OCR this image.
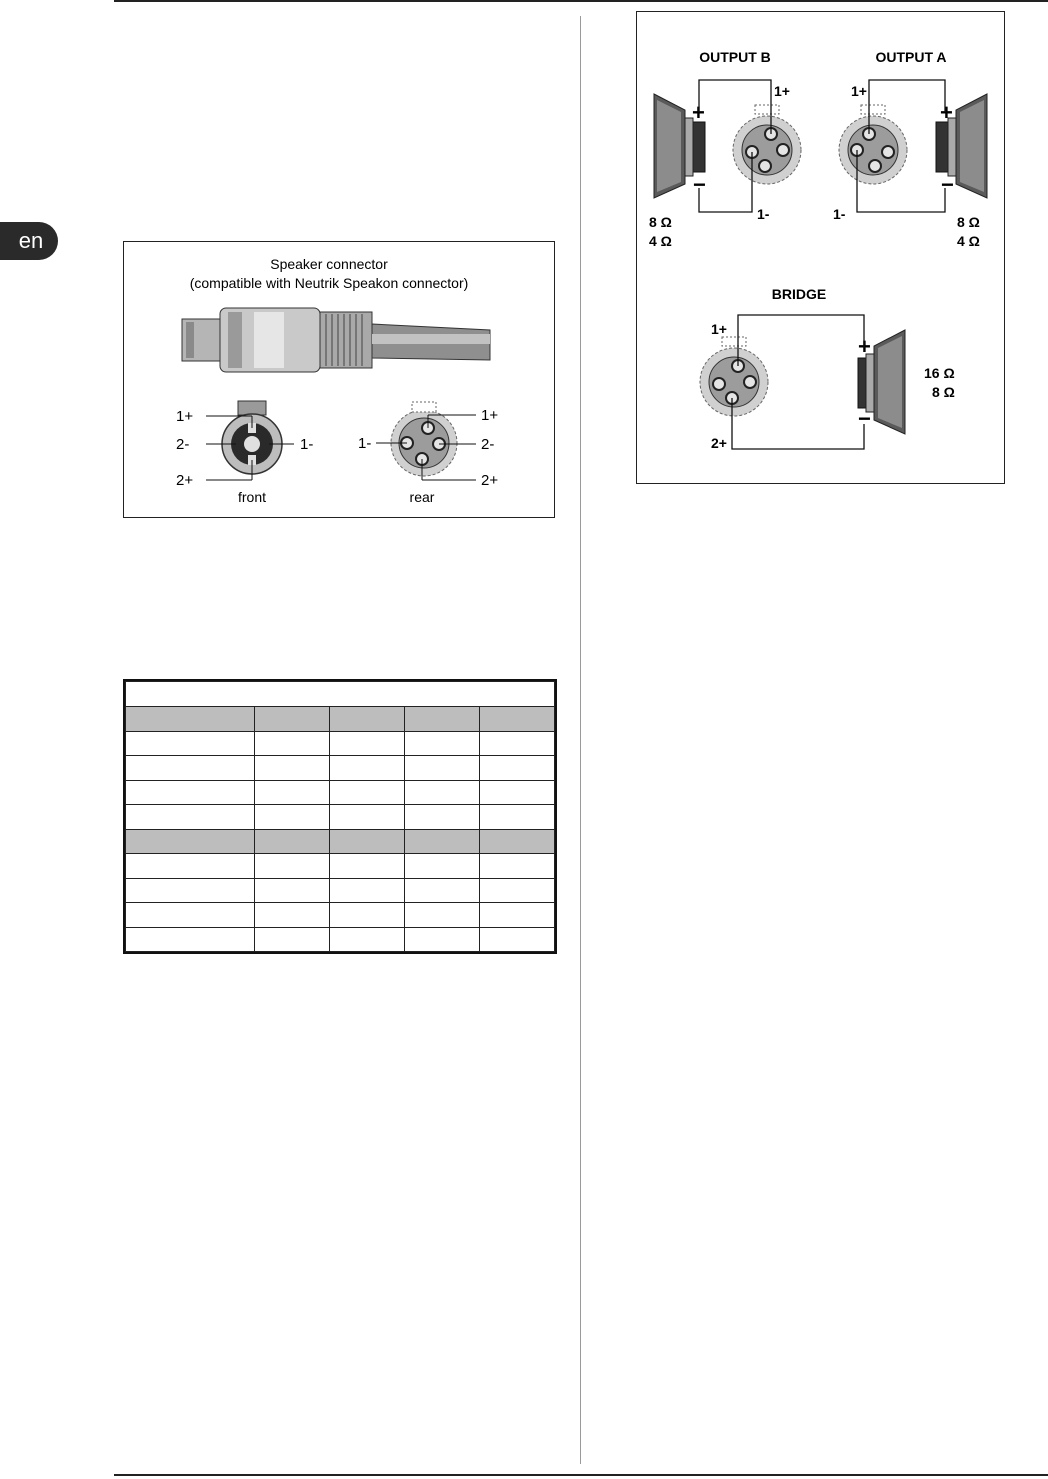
en
Speaker connector
(compatible with Neutrik Speakon connector)
1+
2-	1-
2+
front
1+
1-	2-
2+
rear
OUTPUT B	OUTPUT A
+
−
1+
1-
8 Ω
4 Ω
+
−
1+
1-	8 Ω
4 Ω
BRIDGE
+
−
1+
2+
16 Ω
8 Ω
